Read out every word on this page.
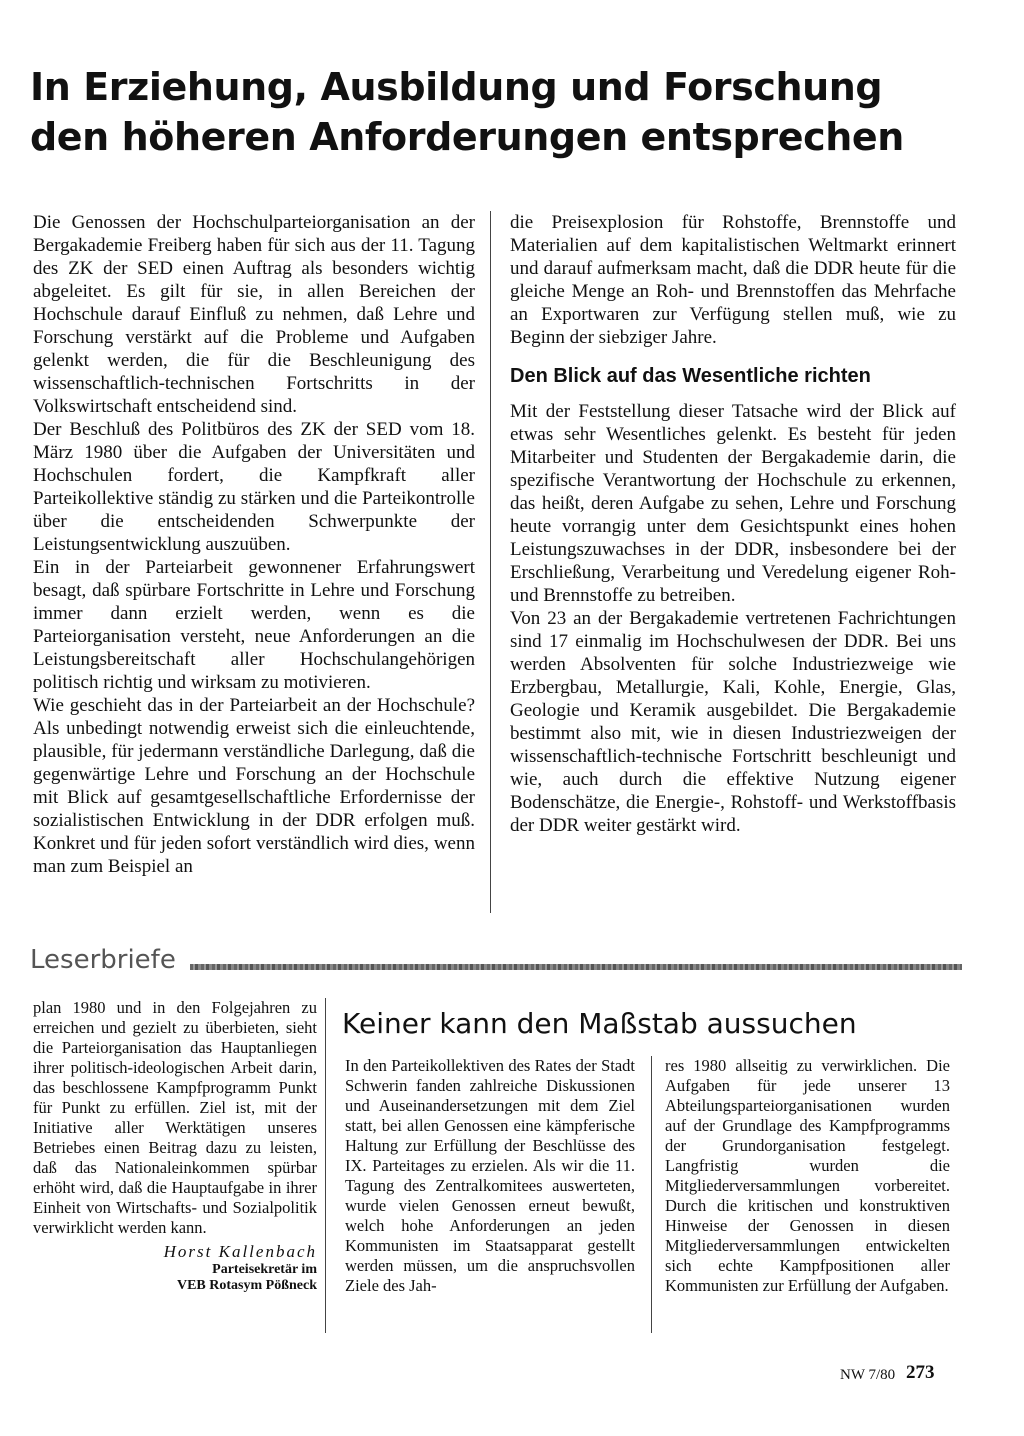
In Erziehung, Ausbildung und Forschung
den höheren Anforderungen entsprechen

Die Genossen der Hochschulparteiorganisation an der Bergakademie Freiberg haben für sich aus der 11. Tagung des ZK der SED einen Auftrag als besonders wichtig abgeleitet. Es gilt für sie, in allen Bereichen der Hochschule darauf Einfluß zu nehmen, daß Lehre und Forschung verstärkt auf die Probleme und Aufgaben gelenkt werden, die für die Beschleunigung des wissenschaftlich-technischen Fortschritts in der Volkswirtschaft entscheidend sind.

Der Beschluß des Politbüros des ZK der SED vom 18. März 1980 über die Aufgaben der Universitäten und Hochschulen fordert, die Kampfkraft aller Parteikollektive ständig zu stärken und die Parteikontrolle über die entscheidenden Schwerpunkte der Leistungsentwicklung auszuüben.

Ein in der Parteiarbeit gewonnener Erfahrungswert besagt, daß spürbare Fortschritte in Lehre und Forschung immer dann erzielt werden, wenn es die Parteiorganisation versteht, neue Anforderungen an die Leistungsbereitschaft aller Hochschulangehörigen politisch richtig und wirksam zu motivieren.

Wie geschieht das in der Parteiarbeit an der Hochschule? Als unbedingt notwendig erweist sich die einleuchtende, plausible, für jedermann verständliche Darlegung, daß die gegenwärtige Lehre und Forschung an der Hochschule mit Blick auf gesamtgesellschaftliche Erfordernisse der sozialistischen Entwicklung in der DDR erfolgen muß. Konkret und für jeden sofort verständlich wird dies, wenn man zum Beispiel an

die Preisexplosion für Rohstoffe, Brennstoffe und Materialien auf dem kapitalistischen Weltmarkt erinnert und darauf aufmerksam macht, daß die DDR heute für die gleiche Menge an Roh- und Brennstoffen das Mehrfache an Exportwaren zur Verfügung stellen muß, wie zu Beginn der siebziger Jahre.

Den Blick auf das Wesentliche richten

Mit der Feststellung dieser Tatsache wird der Blick auf etwas sehr Wesentliches gelenkt. Es besteht für jeden Mitarbeiter und Studenten der Bergakademie darin, die spezifische Verantwortung der Hochschule zu erkennen, das heißt, deren Aufgabe zu sehen, Lehre und Forschung heute vorrangig unter dem Gesichtspunkt eines hohen Leistungszuwachses in der DDR, insbesondere bei der Erschließung, Verarbeitung und Veredelung eigener Roh- und Brennstoffe zu betreiben.

Von 23 an der Bergakademie vertretenen Fachrichtungen sind 17 einmalig im Hochschulwesen der DDR. Bei uns werden Absolventen für solche Industriezweige wie Erzbergbau, Metallurgie, Kali, Kohle, Energie, Glas, Geologie und Keramik ausgebildet. Die Bergakademie bestimmt also mit, wie in diesen Industriezweigen der wissenschaftlich-technische Fortschritt beschleunigt und wie, auch durch die effektive Nutzung eigener Bodenschätze, die Energie-, Rohstoff- und Werkstoffbasis der DDR weiter gestärkt wird.

Leserbriefe

plan 1980 und in den Folgejahren zu erreichen und gezielt zu überbieten, sieht die Parteiorganisation das Hauptanliegen ihrer politisch-ideologischen Arbeit darin, das beschlossene Kampfprogramm Punkt für Punkt zu erfüllen. Ziel ist, mit der Initiative aller Werktätigen unseres Betriebes einen Beitrag dazu zu leisten, daß das Nationaleinkommen spürbar erhöht wird, daß die Hauptaufgabe in ihrer Einheit von Wirtschafts- und Sozialpolitik verwirklicht werden kann.

Horst Kallenbach

Parteisekretär im
VEB Rotasym Pößneck
Keiner kann den Maßstab aussuchen

In den Parteikollektiven des Rates der Stadt Schwerin fanden zahlreiche Diskussionen und Auseinandersetzungen mit dem Ziel statt, bei allen Genossen eine kämpferische Haltung zur Erfüllung der Beschlüsse des IX. Parteitages zu erzielen. Als wir die 11. Tagung des Zentralkomitees auswerteten, wurde vielen Genossen erneut bewußt, welch hohe Anforderungen an jeden Kommunisten im Staatsapparat gestellt werden müssen, um die anspruchsvollen Ziele des Jah-

res 1980 allseitig zu verwirklichen. Die Aufgaben für jede unserer 13 Abteilungsparteiorganisationen wurden auf der Grundlage des Kampfprogramms der Grundorganisation festgelegt. Langfristig wurden die Mitgliederversammlungen vorbereitet. Durch die kritischen und konstruktiven Hinweise der Genossen in diesen Mitgliederversammlungen entwickelten sich echte Kampfpositionen aller Kommunisten zur Erfüllung der Aufgaben.

NW 7/80 273
